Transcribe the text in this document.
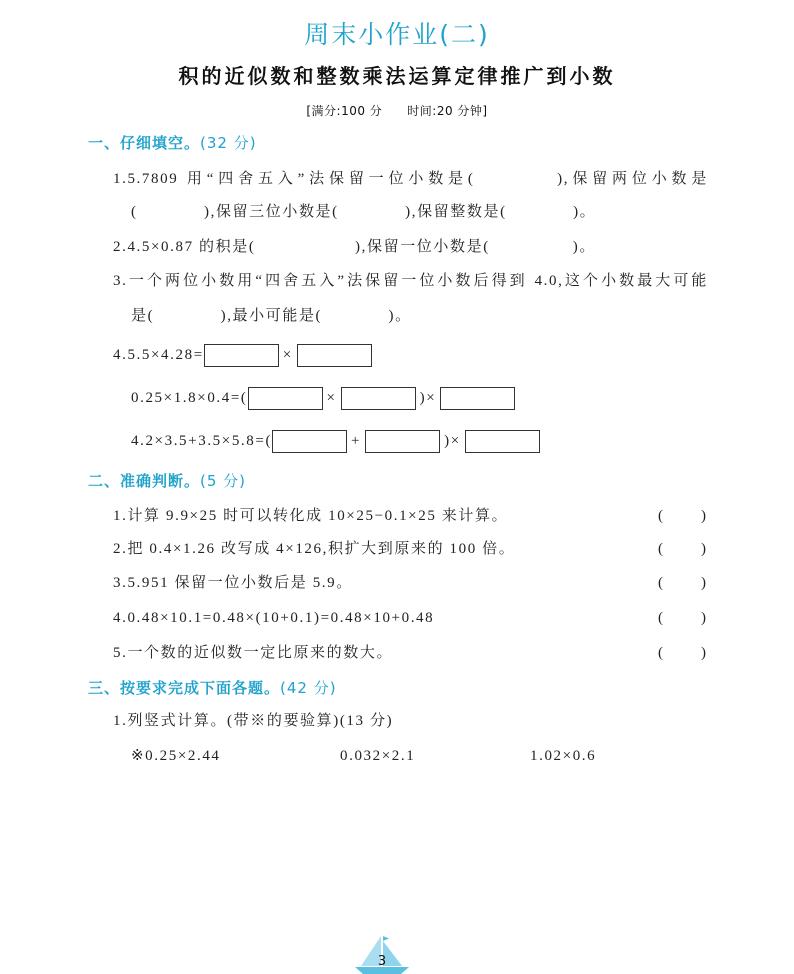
周末小作业(二)
积的近似数和整数乘法运算定律推广到小数
[满分:100 分　　时间:20 分钟]
一、仔细填空。(32 分)
1.5.7809 用“四舍五入”法保留一位小数是(　　　　),保留两位小数是
(　　　　),保留三位小数是(　　　　),保留整数是(　　　　)。
2.4.5×0.87 的积是(　　　　　　),保留一位小数是(　　　　　)。
3.一个两位小数用“四舍五入”法保留一位小数后得到 4.0,这个小数最大可能
是(　　　　),最小可能是(　　　　)。
4.5.5×4.28=	×
0.25×1.8×0.4=(	×	)×
4.2×3.5+3.5×5.8=(	+	)×
二、准确判断。(5 分)
1.计算 9.9×25 时可以转化成 10×25−0.1×25 来计算。	(	)
2.把 0.4×1.26 改写成 4×126,积扩大到原来的 100 倍。	(	)
3.5.951 保留一位小数后是 5.9。	(	)
4.0.48×10.1=0.48×(10+0.1)=0.48×10+0.48	(	)
5.一个数的近似数一定比原来的数大。	(	)
三、按要求完成下面各题。(42 分)
1.列竖式计算。(带※的要验算)(13 分)
※0.25×2.44	0.032×2.1	1.02×0.6
3
